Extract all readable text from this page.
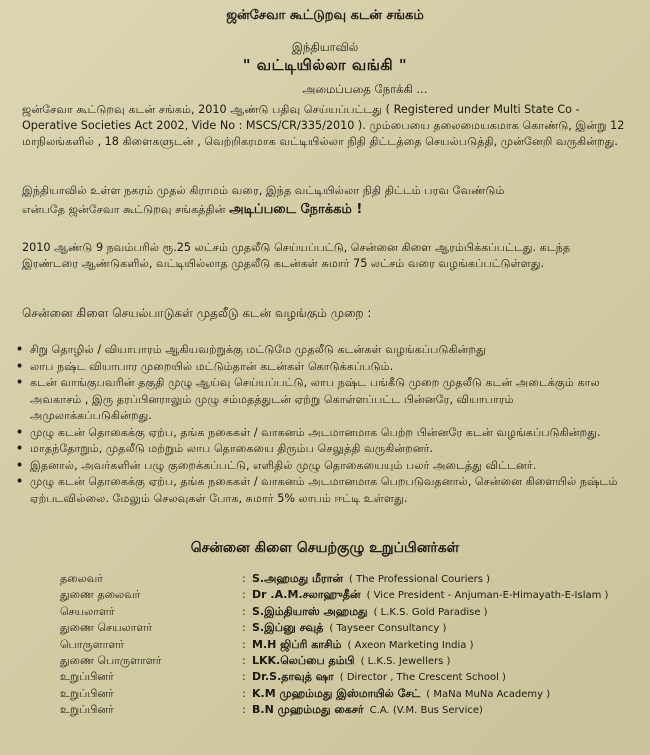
ஜன்சேவா கூட்டுறவு கடன் சங்கம்
இந்தியாவில்
" வட்டியில்லா வங்கி "
அமைப்பதை நோக்கி ...
ஜன்சேவா கூட்டுறவு கடன் சங்கம், 2010 ஆண்டு பதிவு செய்யப்பட்டது ( Registered under Multi State Co - Operative Societies Act 2002, Vide No : MSCS/CR/335/2010 ). மும்பையை தலைமையகமாக கொண்டு, இன்று 12 மாநிலங்களில் , 18 கிளைகளுடன் , வெற்றிகரமாக வட்டியில்லா நிதி திட்டத்தை செயல்படுத்தி, முன்னேறி வருகின்றது.
இந்தியாவில் உள்ள நகரம் முதல் கிராமம் வரை, இந்த வட்டியில்லா நிதி திட்டம் பரவ வேண்டும்
என்பதே ஜன்சேவா கூட்டுறவு சங்கத்தின் அடிப்படை நோக்கம் !
2010 ஆண்டு 9 நவம்பரில் ரூ.25 லட்சம் முதலீடு செய்யப்பட்டு, சென்னை கிளை ஆரம்பிக்கப்பட்டது. கடந்த இரண்டரை ஆண்டுகளில், வட்டியில்லாத முதலீடு கடன்கள் சுமார் 75 லட்சம் வரை வழங்கப்பட்டுள்ளது.
சென்னை கிளை செயல்பாடுகள் முதலீடு கடன் வழங்கும் முறை :
• சிறு தொழில் / வியாபாரம் ஆகியவற்றுக்கு மட்டுமே முதலீடு கடன்கள் வழங்கப்படுகின்றது
• லாப நஷ்ட வியாபார முறையில் மட்டும்தான் கடன்கள் கொடுக்கப்படும்.
• கடன் வாங்குபவரின் தகுதி முழு ஆய்வு செய்யப்பட்டு, லாப நஷ்ட பங்கீடு முறை முதலீடு கடன் அடைக்கும் கால அவகாசம் , இரு தரப்பினராலும் முழு சம்மதத்துடன் ஏற்று கொள்ளப்பட்ட பின்னரே, வியாபாரம் அமுலாக்கப்படுகின்றது.
• முழு கடன் தொகைக்கு ஏற்ப, தங்க நகைகள் / வாகனம் அடமானமாக பெற்ற பின்னரே கடன் வழங்கப்படுகின்றது.
• மாதந்தோறும், முதலீடு மற்றும் லாப தொகையை திரும்ப செலுத்தி வருகின்றனர்.
• இதனால், அவர்களின் பழு குறைக்கப்பட்டு, எளிதில் முழு தொகையையும் பலர் அடைத்து விட்டனர்.
• முழு கடன் தொகைக்கு ஏற்ப, தங்க நகைகள் / வாகனம் அடமானமாக பெறபடுவதனால், சென்னை கிளையில் நஷ்டம் ஏற்படவில்லை. மேலும் செலவுகள் போக, சுமார் 5% லாபம் ஈட்டி உள்ளது.
சென்னை கிளை செயற்குழு உறுப்பினர்கள்
தலைவர்	: S.அஹமது மீரான் ( The Professional Couriers )
துணை தலைவர்	: Dr .A.M.சலாஹுதீன் ( Vice President - Anjuman-E-Himayath-E-Islam )
செயலாளர்	: S.இம்தியாஸ் அஹமது ( L.K.S. Gold Paradise )
துணை செயலாளர்	: S.இப்னு சவுத் ( Tayseer Consultancy )
பொருளாளர்	: M.H ஜிப்ரி காசிம் ( Axeon Marketing India )
துணை பொருளாளர்	: LKK.லெப்பை தம்பி ( L.K.S. Jewellers )
உறுப்பினர்	: Dr.S.தாவுத் ஷா ( Director , The Crescent School )
உறுப்பினர்	: K.M முஹம்மது இஸ்மாயில் சேட் ( MaNa MuNa Academy )
உறுப்பினர்	: B.N முஹம்மது கைசர் C.A. (V.M. Bus Service)
